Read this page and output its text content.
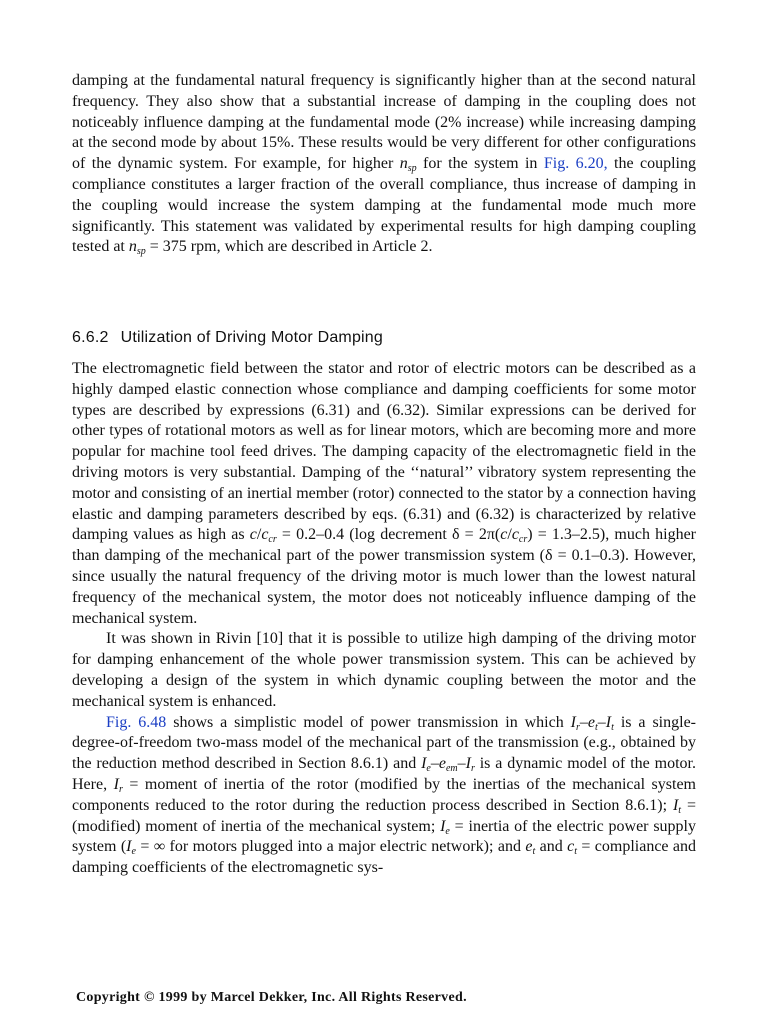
damping at the fundamental natural frequency is significantly higher than at the second natural frequency. They also show that a substantial increase of damping in the coupling does not noticeably influence damping at the fundamental mode (2% increase) while increasing damping at the second mode by about 15%. These results would be very different for other configurations of the dynamic system. For example, for higher $n_{sp}$ for the system in Fig. 6.20, the coupling compliance constitutes a larger fraction of the overall compliance, thus increase of damping in the coupling would increase the system damping at the fundamental mode much more significantly. This statement was validated by experimental results for high damping coupling tested at $n_{sp} = 375$ rpm, which are described in Article 2.

6.6.2 Utilization of Driving Motor Damping

The electromagnetic field between the stator and rotor of electric motors can be described as a highly damped elastic connection whose compliance and damping coefficients for some motor types are described by expressions (6.31) and (6.32). Similar expressions can be derived for other types of rotational motors as well as for linear motors, which are becoming more and more popular for machine tool feed drives. The damping capacity of the electromagnetic field in the driving motors is very substantial. Damping of the ‘‘natural’’ vibratory system representing the motor and consisting of an inertial member (rotor) connected to the stator by a connection having elastic and damping parameters described by eqs. (6.31) and (6.32) is characterized by relative damping values as high as $c/c_{cr} = 0.2-0.4$ (log decrement $\delta = 2\pi(c/c_{cr}) = 1.3-2.5$), much higher than damping of the mechanical part of the power transmission system (δ = 0.1–0.3). However, since usually the natural frequency of the driving motor is much lower than the lowest natural frequency of the mechanical system, the motor does not noticeably influence damping of the mechanical system.

It was shown in Rivin [10] that it is possible to utilize high damping of the driving motor for damping enhancement of the whole power transmission system. This can be achieved by developing a design of the system in which dynamic coupling between the motor and the mechanical system is enhanced.

Fig. 6.48 shows a simplistic model of power transmission in which $I_r-e_t-I_t$ is a single-degree-of-freedom two-mass model of the mechanical part of the transmission (e.g., obtained by the reduction method described in Section 8.6.1) and $I_e-e_{em}-I_r$ is a dynamic model of the motor. Here, $I_r$ = moment of inertia of the rotor (modified by the inertias of the mechanical system components reduced to the rotor during the reduction process described in Section 8.6.1); $I_t$ = (modified) moment of inertia of the mechanical system; $I_e$ = inertia of the electric power supply system ($I_e$ = ∞ for motors plugged into a major electric network); and $e_t$ and $c_t$ = compliance and damping coefficients of the electromagnetic sys-

Copyright © 1999 by Marcel Dekker, Inc. All Rights Reserved.
